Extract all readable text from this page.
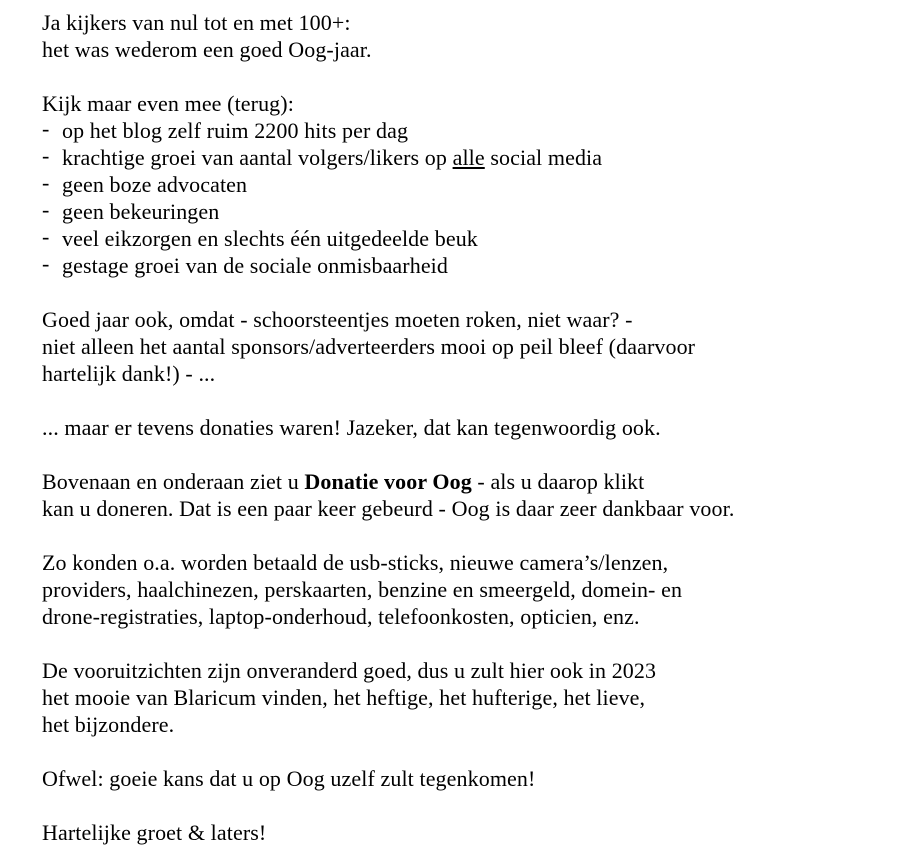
Ja kijkers van nul tot en met 100+:
het was wederom een goed Oog-jaar.
Kijk maar even mee (terug):
- op het blog zelf ruim 2200 hits per dag
- krachtige groei van aantal volgers/likers op alle social media
- geen boze advocaten
- geen bekeuringen
- veel eikzorgen en slechts één uitgedeelde beuk
- gestage groei van de sociale onmisbaarheid
Goed jaar ook, omdat - schoorsteentjes moeten roken, niet waar? -
niet alleen het aantal sponsors/adverteerders mooi op peil bleef (daarvoor
hartelijk dank!) - ...
... maar er tevens donaties waren! Jazeker, dat kan tegenwoordig ook.
Bovenaan en onderaan ziet u Donatie voor Oog - als u daarop klikt
kan u doneren. Dat is een paar keer gebeurd - Oog is daar zeer dankbaar voor.
Zo konden o.a. worden betaald de usb-sticks, nieuwe camera’s/lenzen,
providers, haalchinezen, perskaarten, benzine en smeergeld, domein- en
drone-registraties, laptop-onderhoud, telefoonkosten, opticien, enz.
De vooruitzichten zijn onveranderd goed, dus u zult hier ook in 2023
het mooie van Blaricum vinden, het heftige, het hufterige, het lieve,
het bijzondere.
Ofwel: goeie kans dat u op Oog uzelf zult tegenkomen!
Hartelijke groet & laters!
